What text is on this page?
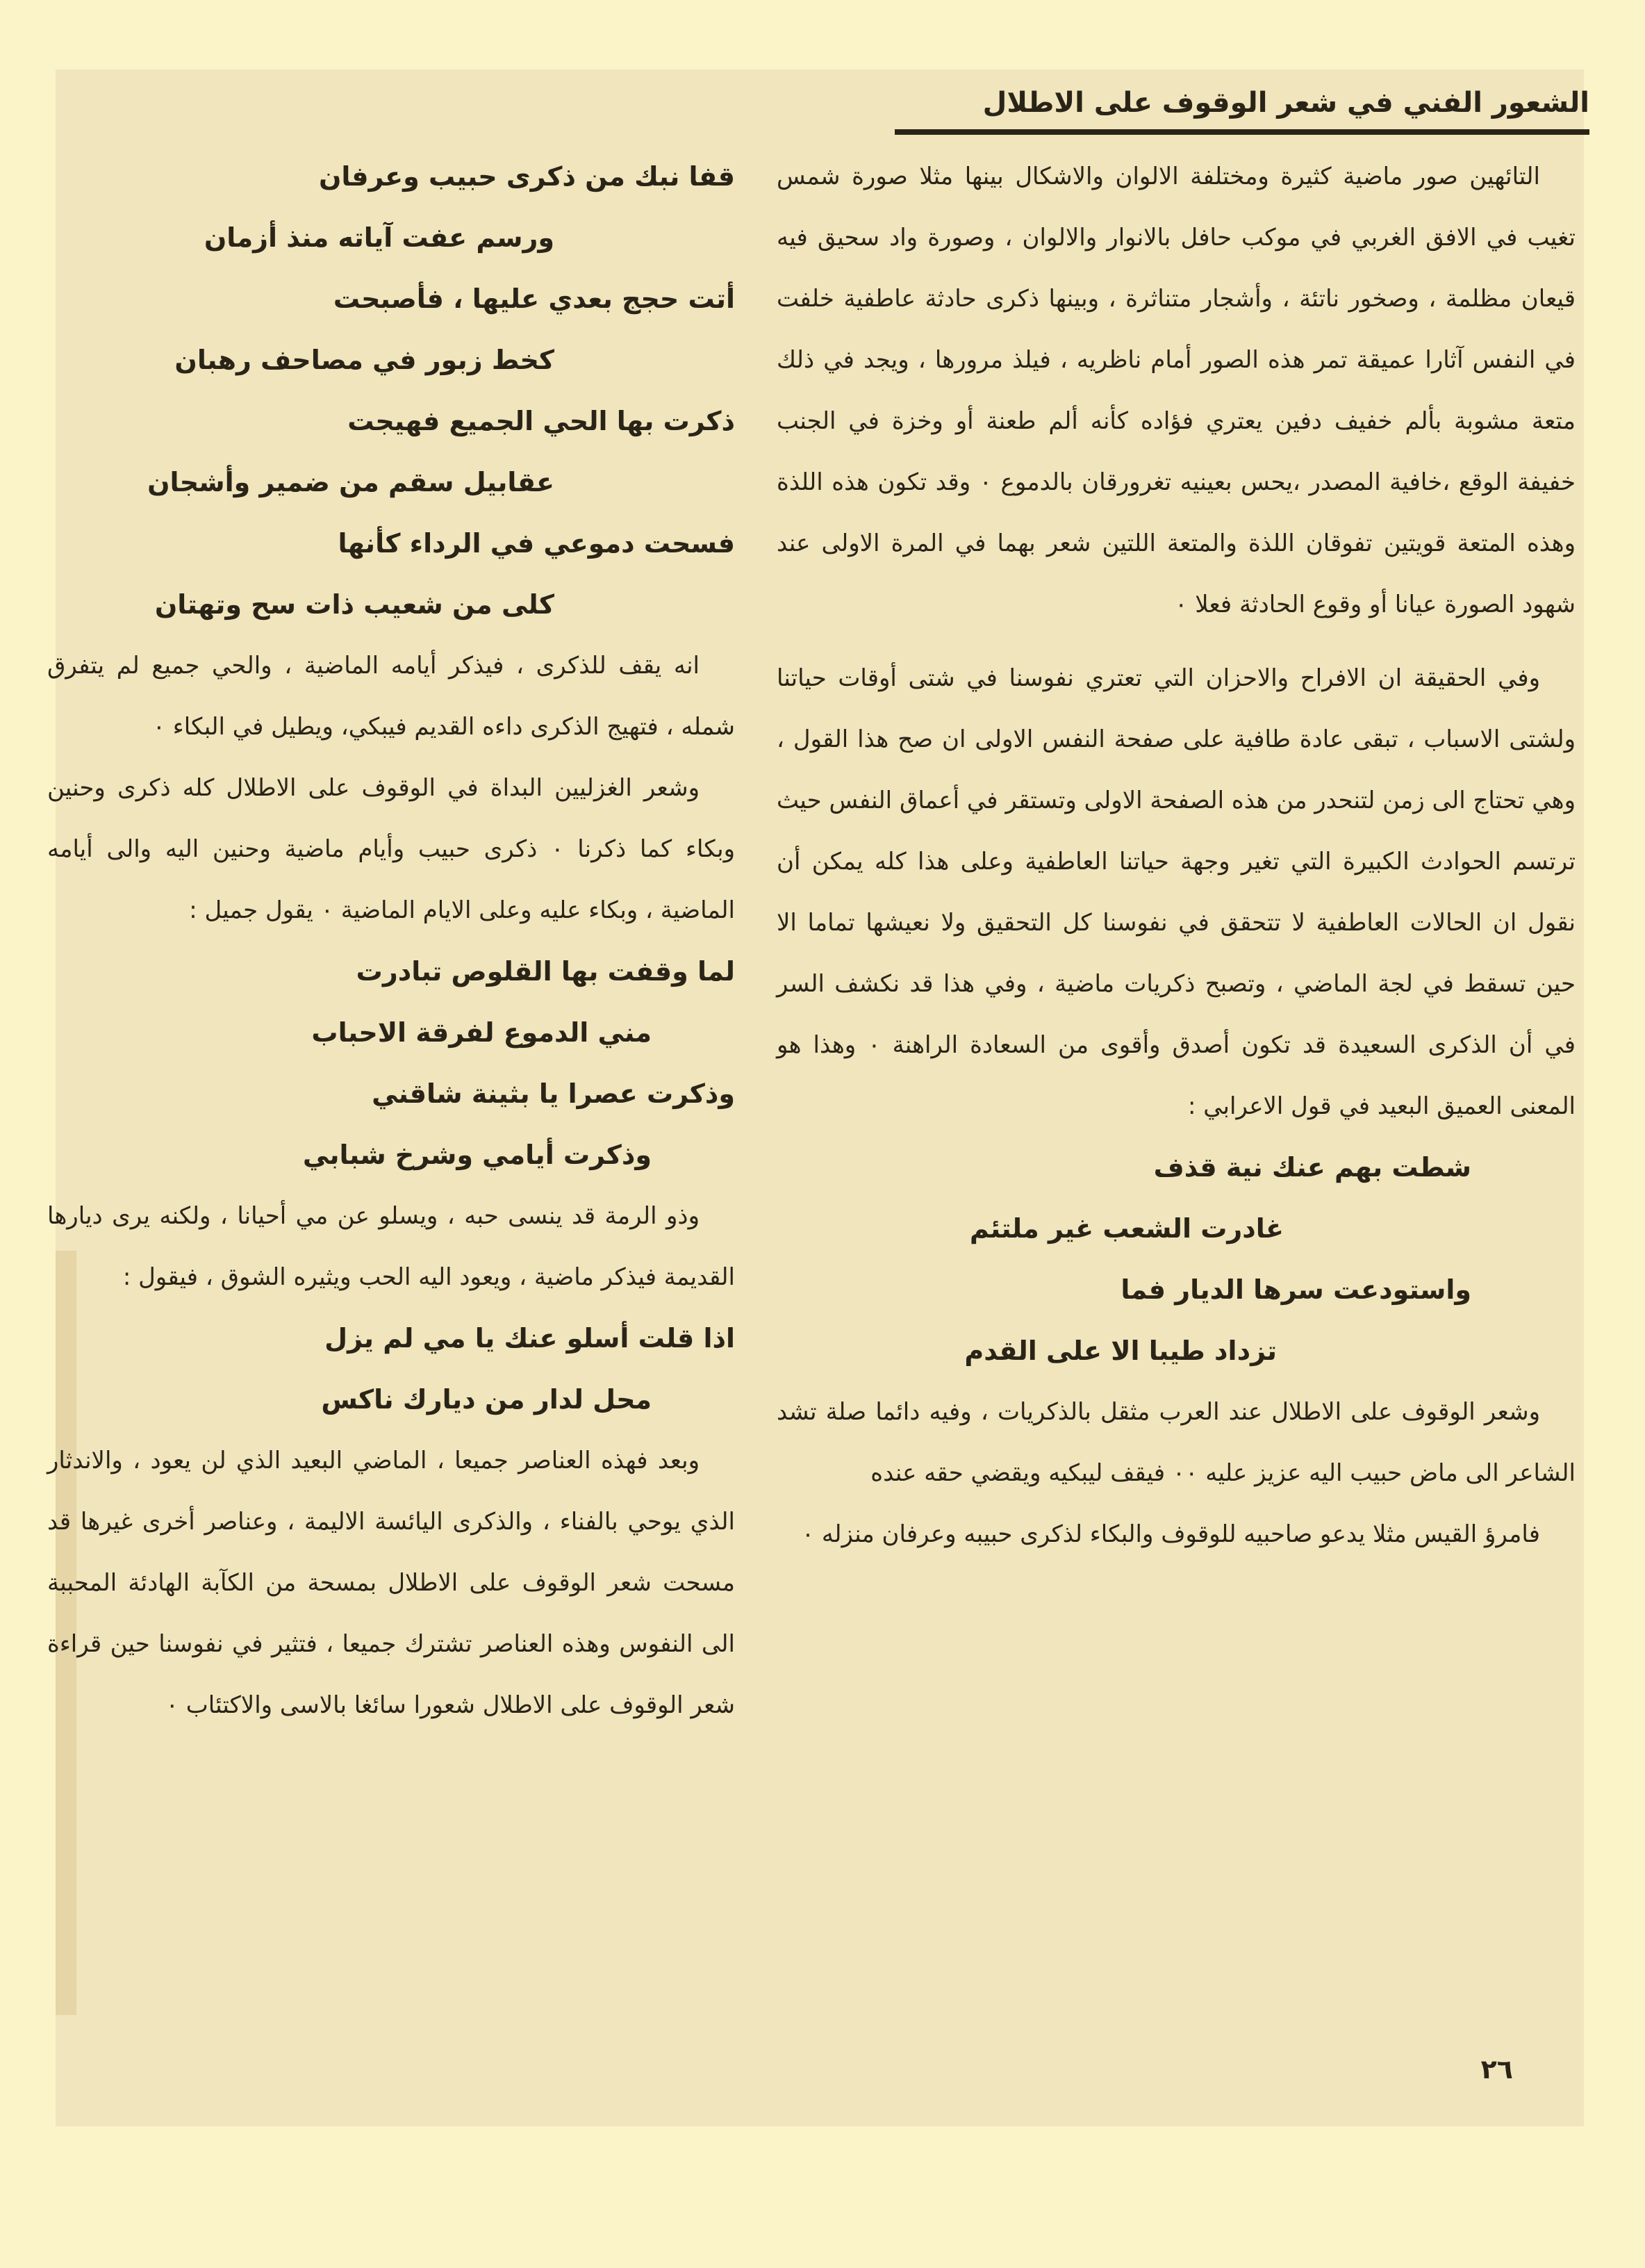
الشعور الفني في شعر الوقوف على الاطلال

التائهين صور ماضية كثيرة ومختلفة الالوان والاشكال بينها مثلا صورة شمس تغيب في الافق الغربي في موكب حافل بالانوار والالوان ، وصورة واد سحيق فيه قيعان مظلمة ، وصخور ناتئة ، وأشجار متناثرة ، وبينها ذكرى حادثة عاطفية خلفت في النفس آثارا عميقة تمر هذه الصور أمام ناظريه ، فيلذ مرورها ، ويجد في ذلك متعة مشوبة بألم خفيف دفين يعتري فؤاده كأنه ألم طعنة أو وخزة في الجنب خفيفة الوقع ،خافية المصدر ،يحس بعينيه تغرورقان بالدموع ٠ وقد تكون هذه اللذة وهذه المتعة قويتين تفوقان اللذة والمتعة اللتين شعر بهما في المرة الاولى عند شهود الصورة عيانا أو وقوع الحادثة فعلا ٠

وفي الحقيقة ان الافراح والاحزان التي تعتري نفوسنا في شتى أوقات حياتنا ولشتى الاسباب ، تبقى عادة طافية على صفحة النفس الاولى ان صح هذا القول ، وهي تحتاج الى زمن لتنحدر من هذه الصفحة الاولى وتستقر في أعماق النفس حيث ترتسم الحوادث الكبيرة التي تغير وجهة حياتنا العاطفية وعلى هذا كله يمكن أن نقول ان الحالات العاطفية لا تتحقق في نفوسنا كل التحقيق ولا نعيشها تماما الا حين تسقط في لجة الماضي ، وتصبح ذكريات ماضية ، وفي هذا قد نكشف السر في أن الذكرى السعيدة قد تكون أصدق وأقوى من السعادة الراهنة ٠ وهذا هو المعنى العميق البعيد في قول الاعرابي :

شطت بهم عنك نية قذف

غادرت الشعب غير ملتئم

واستودعت سرها الديار فما

تزداد طيبا الا على القدم

وشعر الوقوف على الاطلال عند العرب مثقل بالذكريات ، وفيه دائما صلة تشد الشاعر الى ماض حبيب اليه عزيز عليه ٠٠ فيقف ليبكيه ويقضي حقه عنده

فامرؤ القيس مثلا يدعو صاحبيه للوقوف والبكاء لذكرى حبيبه وعرفان منزله ٠

قفا نبك من ذكرى حبيب وعرفان

ورسم عفت آياته منذ أزمان

أتت حجج بعدي عليها ، فأصبحت

كخط زبور في مصاحف رهبان

ذكرت بها الحي الجميع فهيجت

عقابيل سقم من ضمير وأشجان

فسحت دموعي في الرداء كأنها

كلى من شعيب ذات سح وتهتان

انه يقف للذكرى ، فيذكر أيامه الماضية ، والحي جميع لم يتفرق شمله ، فتهيج الذكرى داءه القديم فيبكي، ويطيل في البكاء ٠

وشعر الغزليين البداة في الوقوف على الاطلال كله ذكرى وحنين وبكاء كما ذكرنا ٠ ذكرى حبيب وأيام ماضية وحنين اليه والى أيامه الماضية ، وبكاء عليه وعلى الايام الماضية ٠ يقول جميل :

لما وقفت بها القلوص تبادرت

مني الدموع لفرقة الاحباب

وذكرت عصرا يا بثينة شاقني

وذكرت أيامي وشرخ شبابي

وذو الرمة قد ينسى حبه ، ويسلو عن مي أحيانا ، ولكنه يرى ديارها القديمة فيذكر ماضية ، ويعود اليه الحب ويثيره الشوق ، فيقول :

اذا قلت أسلو عنك يا مي لم يزل

محل لدار من ديارك ناكس

وبعد فهذه العناصر جميعا ، الماضي البعيد الذي لن يعود ، والاندثار الذي يوحي بالفناء ، والذكرى اليائسة الاليمة ، وعناصر أخرى غيرها قد مسحت شعر الوقوف على الاطلال بمسحة من الكآبة الهادئة المحببة الى النفوس وهذه العناصر تشترك جميعا ، فتثير في نفوسنا حين قراءة شعر الوقوف على الاطلال شعورا سائغا بالاسى والاكتئاب ٠

٢٦
